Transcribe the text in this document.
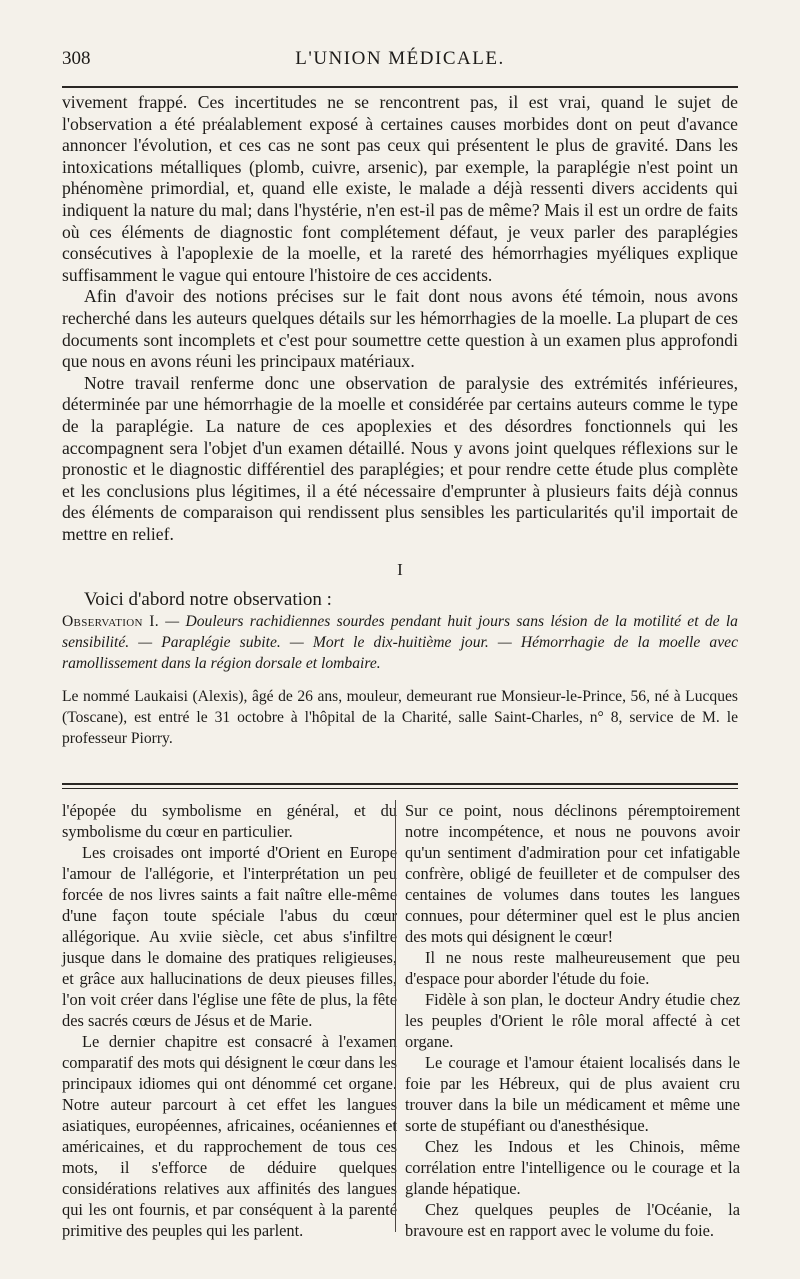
308	L'UNION MÉDICALE.

vivement frappé. Ces incertitudes ne se rencontrent pas, il est vrai, quand le sujet de l'observation a été préalablement exposé à certaines causes morbides dont on peut d'avance annoncer l'évolution, et ces cas ne sont pas ceux qui présentent le plus de gravité. Dans les intoxications métalliques (plomb, cuivre, arsenic), par exemple, la paraplégie n'est point un phénomène primordial, et, quand elle existe, le malade a déjà ressenti divers accidents qui indiquent la nature du mal; dans l'hystérie, n'en est-il pas de même? Mais il est un ordre de faits où ces éléments de diagnostic font complétement défaut, je veux parler des paraplégies consécutives à l'apoplexie de la moelle, et la rareté des hémorrhagies myéliques explique suffisamment le vague qui entoure l'histoire de ces accidents.

Afin d'avoir des notions précises sur le fait dont nous avons été témoin, nous avons recherché dans les auteurs quelques détails sur les hémorrhagies de la moelle. La plupart de ces documents sont incomplets et c'est pour soumettre cette question à un examen plus approfondi que nous en avons réuni les principaux matériaux.

Notre travail renferme donc une observation de paralysie des extrémités inférieures, déterminée par une hémorrhagie de la moelle et considérée par certains auteurs comme le type de la paraplégie. La nature de ces apoplexies et des désordres fonctionnels qui les accompagnent sera l'objet d'un examen détaillé. Nous y avons joint quelques réflexions sur le pronostic et le diagnostic différentiel des paraplégies; et pour rendre cette étude plus complète et les conclusions plus légitimes, il a été nécessaire d'emprunter à plusieurs faits déjà connus des éléments de comparaison qui rendissent plus sensibles les particularités qu'il importait de mettre en relief.

I

Voici d'abord notre observation :

Observation I. — Douleurs rachidiennes sourdes pendant huit jours sans lésion de la motilité et de la sensibilité. — Paraplégie subite. — Mort le dix-huitième jour. — Hémorrhagie de la moelle avec ramollissement dans la région dorsale et lombaire.

Le nommé Laukaisi (Alexis), âgé de 26 ans, mouleur, demeurant rue Monsieur-le-Prince, 56, né à Lucques (Toscane), est entré le 31 octobre à l'hôpital de la Charité, salle Saint-Charles, n° 8, service de M. le professeur Piorry.

l'épopée du symbolisme en général, et du symbolisme du cœur en particulier.

Les croisades ont importé d'Orient en Europe l'amour de l'allégorie, et l'interprétation un peu forcée de nos livres saints a fait naître elle-même d'une façon toute spéciale l'abus du cœur allégorique. Au xviie siècle, cet abus s'infiltre jusque dans le domaine des pratiques religieuses, et grâce aux hallucinations de deux pieuses filles, l'on voit créer dans l'église une fête de plus, la fête des sacrés cœurs de Jésus et de Marie.

Le dernier chapitre est consacré à l'examen comparatif des mots qui désignent le cœur dans les principaux idiomes qui ont dénommé cet organe. Notre auteur parcourt à cet effet les langues asiatiques, européennes, africaines, océaniennes et américaines, et du rapprochement de tous ces mots, il s'efforce de déduire quelques considérations relatives aux affinités des langues qui les ont fournis, et par conséquent à la parenté primitive des peuples qui les parlent.

Sur ce point, nous déclinons péremptoirement notre incompétence, et nous ne pouvons avoir qu'un sentiment d'admiration pour cet infatigable confrère, obligé de feuilleter et de compulser des centaines de volumes dans toutes les langues connues, pour déterminer quel est le plus ancien des mots qui désignent le cœur!

Il ne nous reste malheureusement que peu d'espace pour aborder l'étude du foie.

Fidèle à son plan, le docteur Andry étudie chez les peuples d'Orient le rôle moral affecté à cet organe.

Le courage et l'amour étaient localisés dans le foie par les Hébreux, qui de plus avaient cru trouver dans la bile un médicament et même une sorte de stupéfiant ou d'anesthésique.

Chez les Indous et les Chinois, même corrélation entre l'intelligence ou le courage et la glande hépatique.

Chez quelques peuples de l'Océanie, la bravoure est en rapport avec le volume du foie.
